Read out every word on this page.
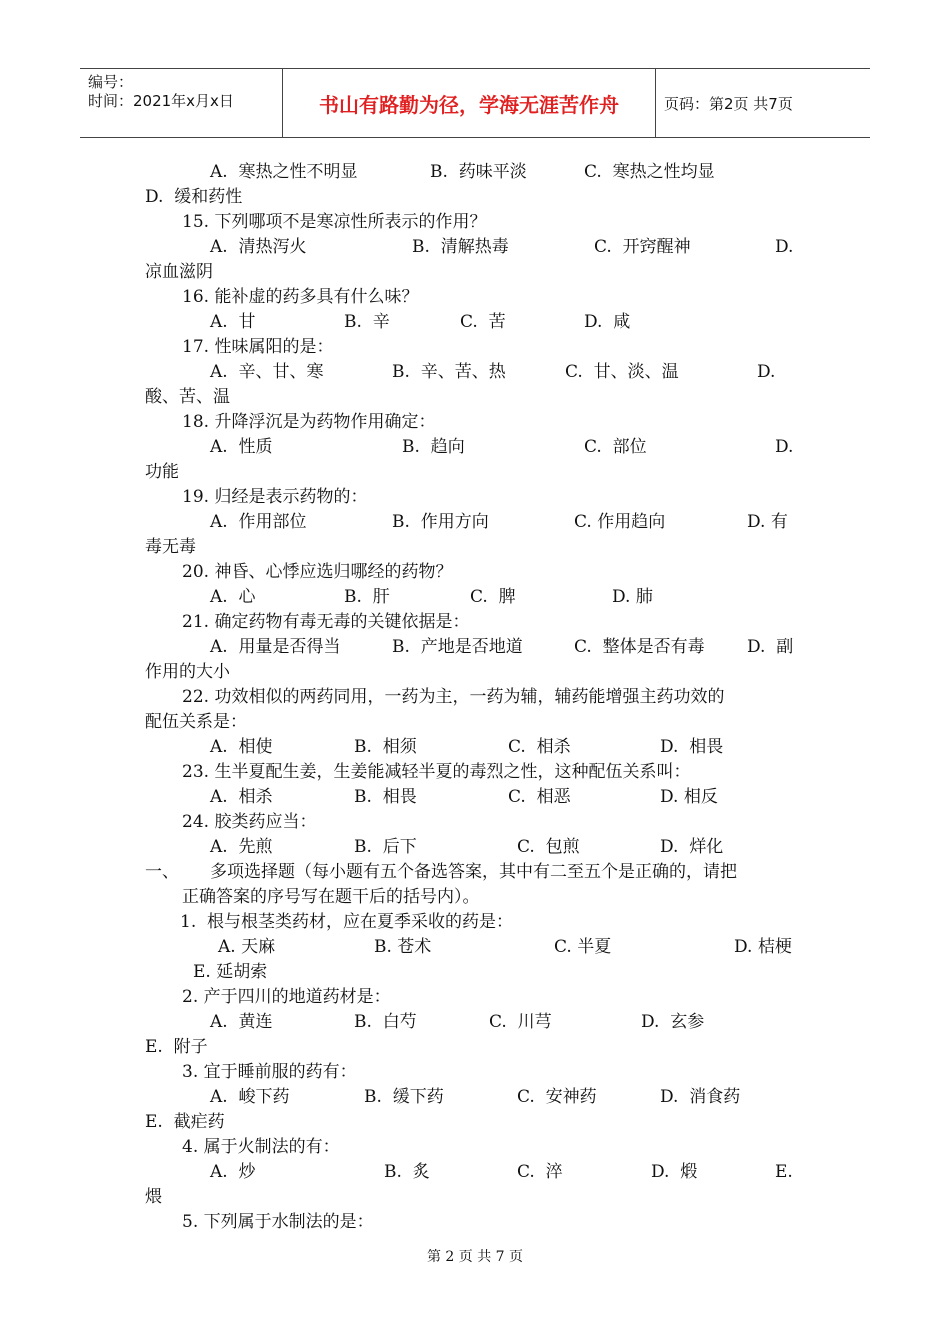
编号：
时间：2021年x月x日	书山有路勤为径，学海无涯苦作舟	页码：第2页 共7页
A.  寒热之性不明显	B.  药味平淡	C.  寒热之性均显
D.  缓和药性
15. 下列哪项不是寒凉性所表示的作用？
A.  清热泻火	B.  清解热毒	C.  开窍醒神	D.
凉血滋阴
16. 能补虚的药多具有什么味？
A.  甘	B.  辛	C.  苦	D.  咸
17. 性味属阳的是：
A.  辛、甘、寒	B.  辛、苦、热	C.  甘、淡、温	D.
酸、苦、温
18. 升降浮沉是为药物作用确定：
A.  性质	B.  趋向	C.  部位	D.
功能
19. 归经是表示药物的：
A.  作用部位	B.  作用方向	C. 作用趋向	D. 有
毒无毒
20. 神昏、心悸应选归哪经的药物？
A.  心	B.  肝	C.  脾	D. 肺
21. 确定药物有毒无毒的关键依据是：
A.  用量是否得当	B.  产地是否地道	C.  整体是否有毒 D.  副
作用的大小
22. 功效相似的两药同用，一药为主，一药为辅，辅药能增强主药功效的
配伍关系是：
A.  相使	B.  相须	C.  相杀	D.  相畏
23. 生半夏配生姜，生姜能减轻半夏的毒烈之性，这种配伍关系叫：
A.  相杀	B.  相畏	C.  相恶	D. 相反
24. 胶类药应当：
A.  先煎	B.  后下	C.  包煎	D.  烊化
一、 多项选择题（每小题有五个备选答案，其中有二至五个是正确的，请把
正确答案的序号写在题干后的括号内）。
1.  根与根茎类药材，应在夏季采收的药是：
A. 天麻	B. 苍术	C. 半夏	D. 桔梗
E. 延胡索
2. 产于四川的地道药材是：
A.  黄连	B.  白芍	C.  川芎	D.  玄参
E.  附子
3. 宜于睡前服的药有：
A.  峻下药	B.  缓下药	C.  安神药	D.  消食药
E.  截疟药
4. 属于火制法的有：
A.  炒	B.  炙	C.  淬	D.  煅	E.
煨
5. 下列属于水制法的是：
第 2 页 共 7 页
